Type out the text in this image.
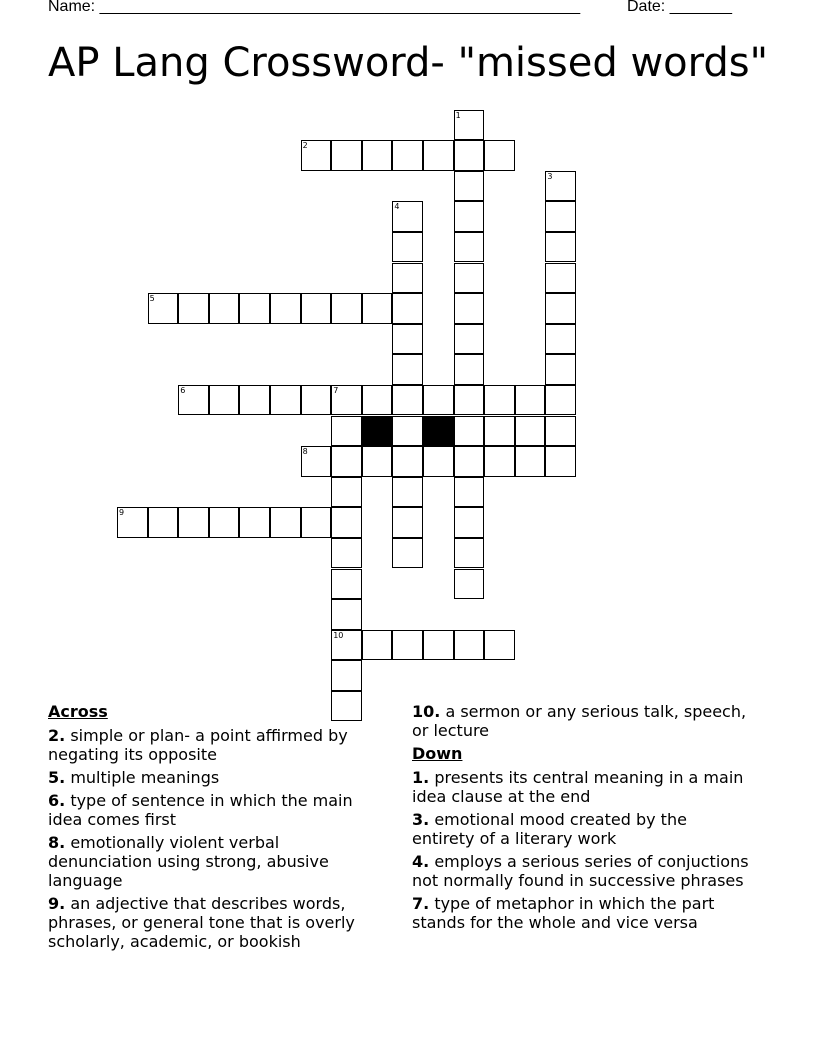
Name: ______________________________________________________	Date: _______
AP Lang Crossword- "missed words"
1
2
3
4
5
6	7
10
8
9
Across
2. simple or plan- a point affirmed by negating its opposite
5. multiple meanings
6. type of sentence in which the main idea comes first
8. emotionally violent verbal denunciation using strong, abusive language
9. an adjective that describes words, phrases, or general tone that is overly scholarly, academic, or bookish
10. a sermon or any serious talk, speech, or lecture
Down
1. presents its central meaning in a main idea clause at the end
3. emotional mood created by the entirety of a literary work
4. employs a serious series of conjuctions not normally found in successive phrases
7. type of metaphor in which the part stands for the whole and vice versa
